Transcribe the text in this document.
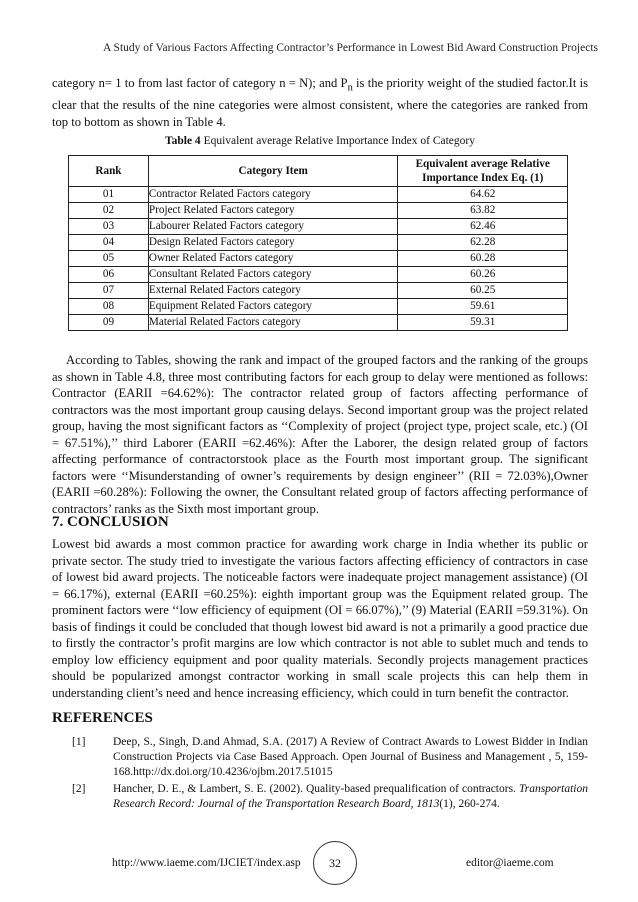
A Study of Various Factors Affecting Contractor’s Performance in Lowest Bid Award Construction Projects

category n= 1 to from last factor of category n = N); and $P_n$ is the priority weight of the studied factor.It is clear that the results of the nine categories were almost consistent, where the categories are ranked from top to bottom as shown in Table 4.

Table 4 Equivalent average Relative Importance Index of Category
Rank	Category Item	Equivalent average Relative Importance Index Eq. (1)
01	Contractor Related Factors category	64.62
02	Project Related Factors category	63.82
03	Labourer Related Factors category	62.46
04	Design Related Factors category	62.28
05	Owner Related Factors category	60.28
06	Consultant Related Factors category	60.26
07	External Related Factors category	60.25
08	Equipment Related Factors category	59.61
09	Material Related Factors category	59.31

According to Tables, showing the rank and impact of the grouped factors and the ranking of the groups as shown in Table 4.8, three most contributing factors for each group to delay were mentioned as follows: Contractor (EARII =64.62%): The contractor related group of factors affecting performance of contractors was the most important group causing delays. Second important group was the project related group, having the most significant factors as ‘‘Complexity of project (project type, project scale, etc.) (OI = 67.51%),’’ third Laborer (EARII =62.46%): After the Laborer, the design related group of factors affecting performance of contractorstook place as the Fourth most important group. The significant factors were ‘‘Misunderstanding of owner’s requirements by design engineer’’ (RII = 72.03%),Owner (EARII =60.28%): Following the owner, the Consultant related group of factors affecting performance of contractors’ ranks as the Sixth most important group.

7. CONCLUSION

Lowest bid awards a most common practice for awarding work charge in India whether its public or private sector. The study tried to investigate the various factors affecting efficiency of contractors in case of lowest bid award projects. The noticeable factors were inadequate project management assistance) (OI = 66.17%), external (EARII =60.25%): eighth important group was the Equipment related group. The prominent factors were ‘‘low efficiency of equipment (OI = 66.07%),’’ (9) Material (EARII =59.31%). On basis of findings it could be concluded that though lowest bid award is not a primarily a good practice due to firstly the contractor’s profit margins are low which contractor is not able to sublet much and tends to employ low efficiency equipment and poor quality materials. Secondly projects management practices should be popularized amongst contractor working in small scale projects this can help them in understanding client’s need and hence increasing efficiency, which could in turn benefit the contractor.

REFERENCES
[1] Deep, S., Singh, D.and Ahmad, S.A. (2017) A Review of Contract Awards to Lowest Bidder in Indian Construction Projects via Case Based Approach. Open Journal of Business and Management , 5, 159-168.http://dx.doi.org/10.4236/ojbm.2017.51015
[2] Hancher, D. E., & Lambert, S. E. (2002). Quality-based prequalification of contractors. Transportation Research Record: Journal of the Transportation Research Board, 1813(1), 260-274.
http://www.iaeme.com/IJCIET/index.asp	32	editor@iaeme.com
